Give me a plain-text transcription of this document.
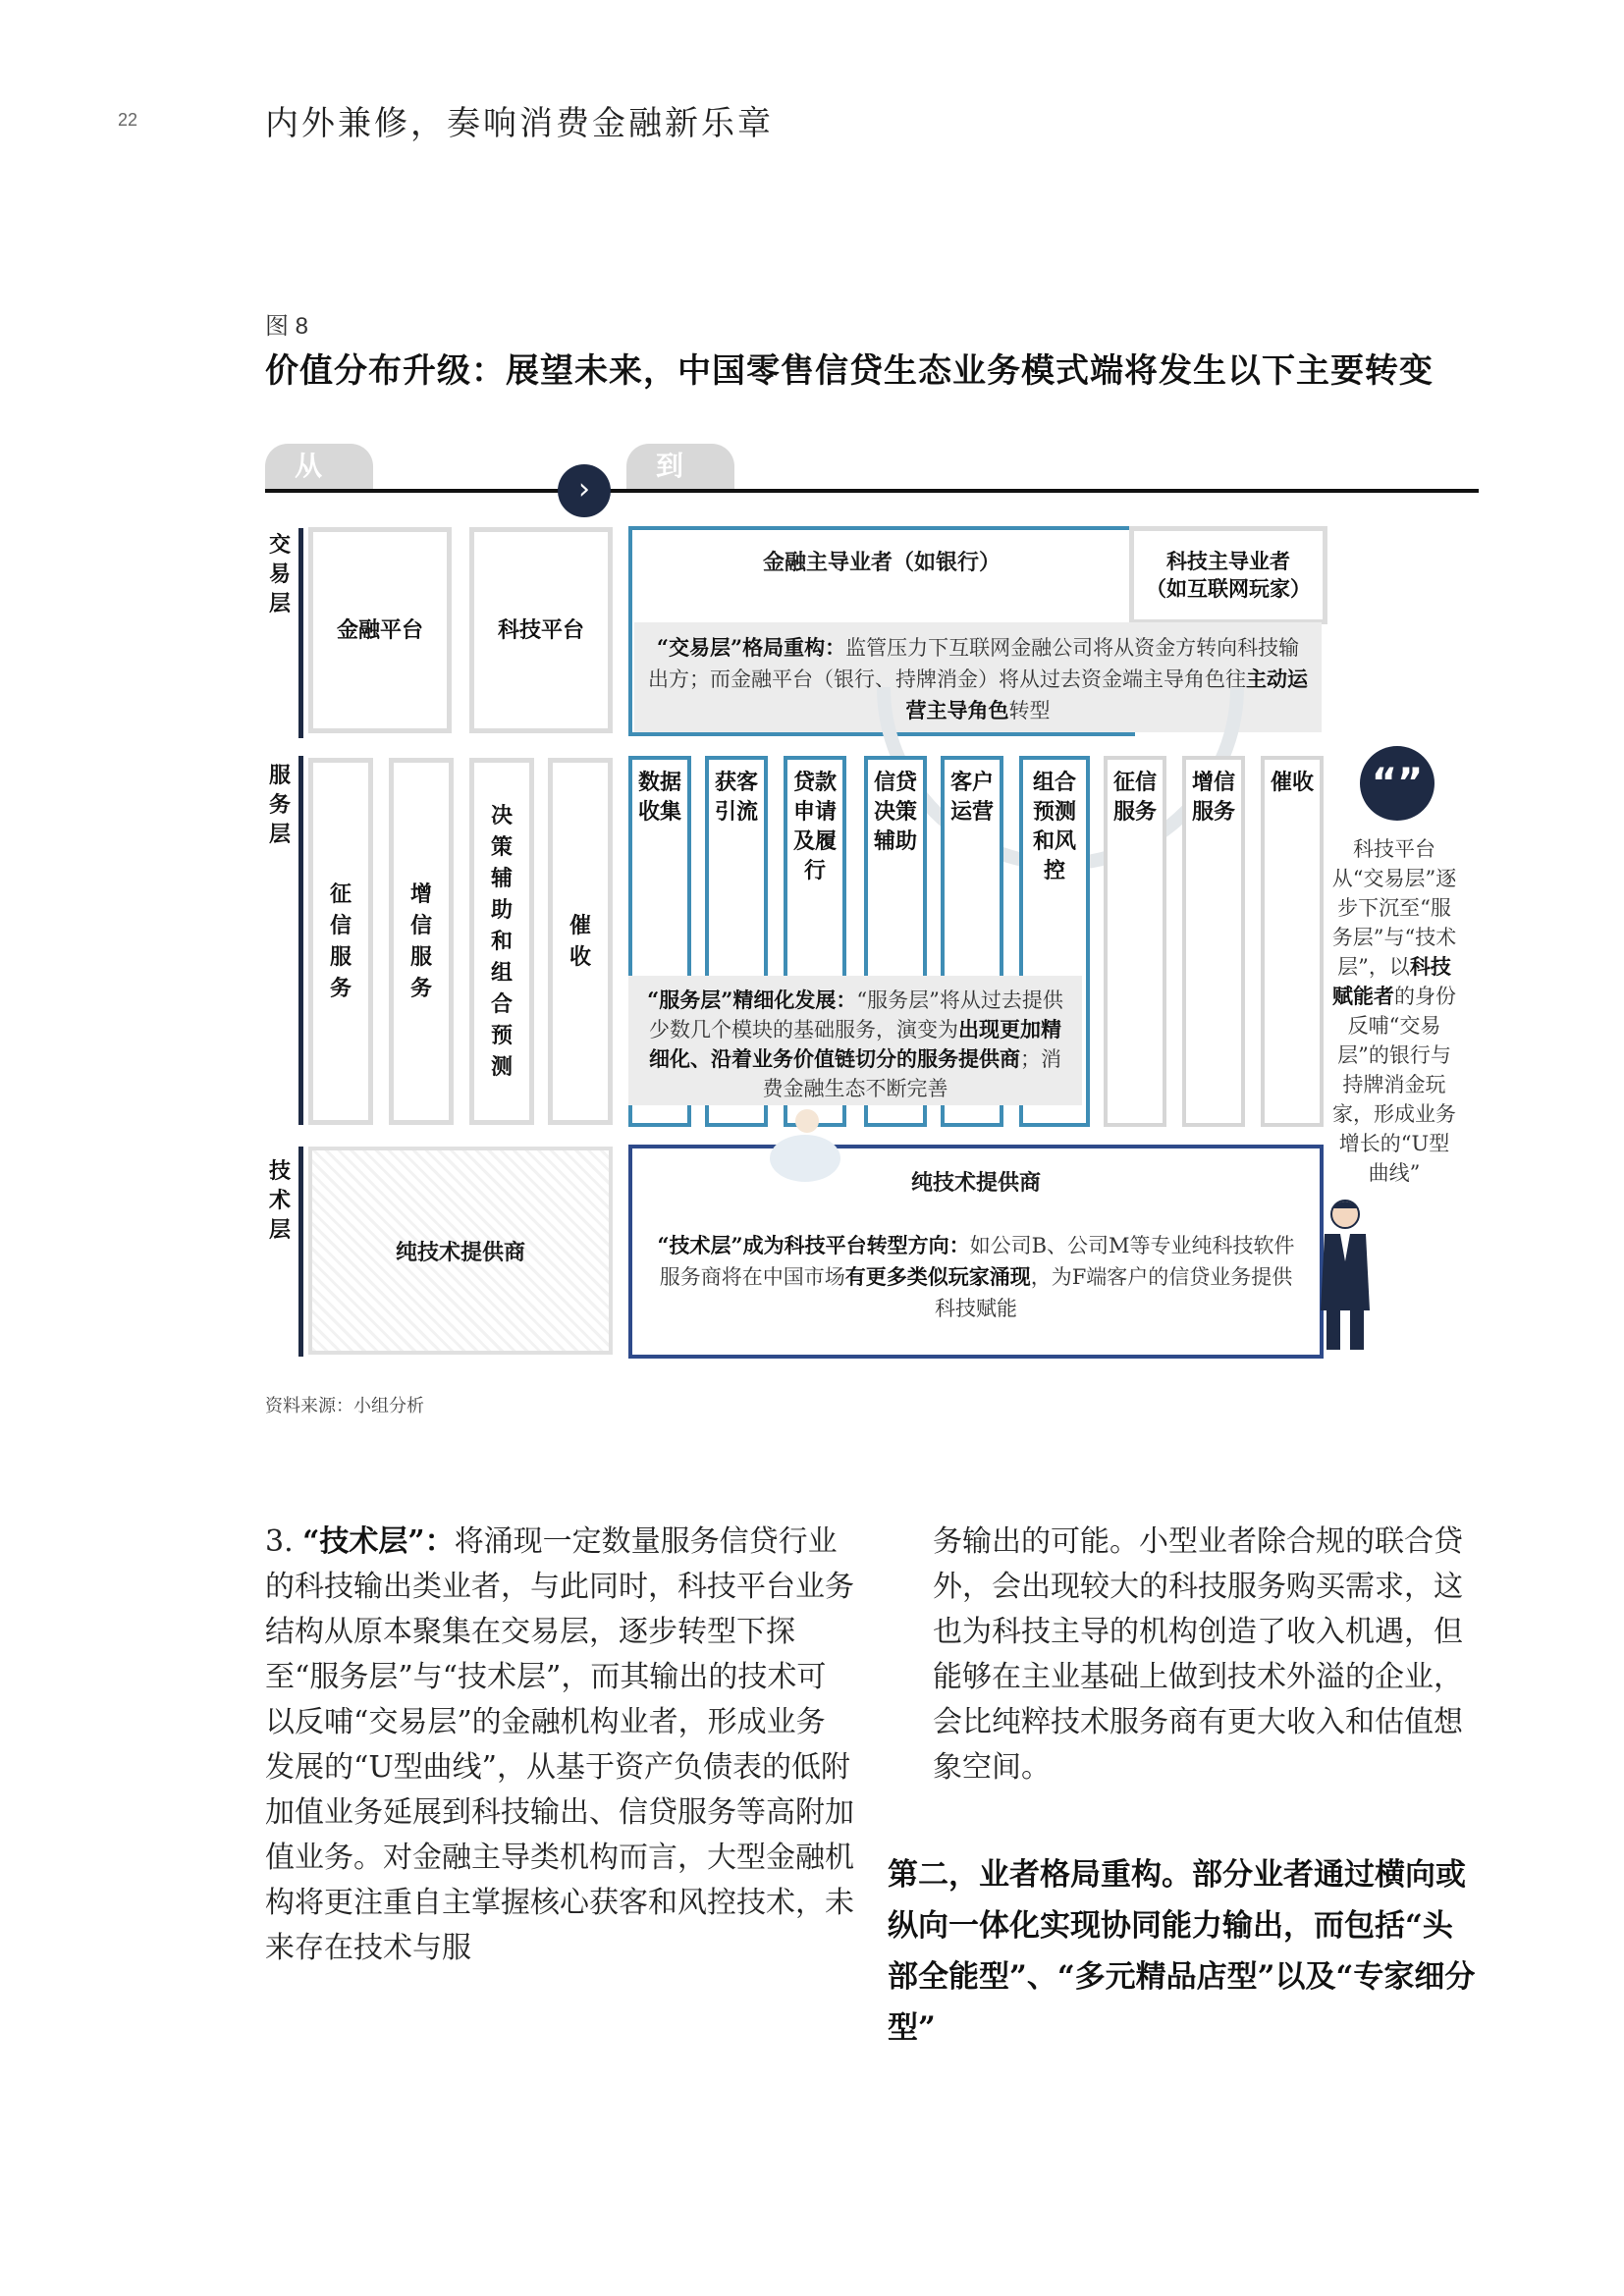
22	内外兼修，奏响消费金融新乐章
图 8
价值分布升级：展望未来，中国零售信贷生态业务模式端将发生以下主要转变
从	到
›
交易层
服务层
技术层
金融平台	科技平台
征信服务
增信服务
决策辅助和组合预测
催收
纯技术提供商
金融主导业者（如银行）	科技主导业者
（如互联网玩家）
“交易层”格局重构：监管压力下互联网金融公司将从资金方转向科技输出方；而金融平台（银行、持牌消金）将从过去资金端主导角色往主动运营主导角色转型
数据收集
获客引流
贷款申请及履行
信贷决策辅助
客户运营
组合预测和风控
征信服务
增信服务
催收
“服务层”精细化发展：“服务层”将从过去提供少数几个模块的基础服务，演变为出现更加精细化、沿着业务价值链切分的服务提供商；消费金融生态不断完善
纯技术提供商
“技术层”成为科技平台转型方向：如公司B、公司M等专业纯科技软件服务商将在中国市场有更多类似玩家涌现，为F端客户的信贷业务提供科技赋能
“”
科技平台从“交易层”逐步下沉至“服务层”与“技术层”，以科技赋能者的身份反哺“交易层”的银行与持牌消金玩家，形成业务增长的“U型曲线”
资料来源：小组分析
3. “技术层”：将涌现一定数量服务信贷行业的科技输出类业者，与此同时，科技平台业务结构从原本聚集在交易层，逐步转型下探至“服务层”与“技术层”，而其输出的技术可以反哺“交易层”的金融机构业者，形成业务发展的“U型曲线”，从基于资产负债表的低附加值业务延展到科技输出、信贷服务等高附加值业务。对金融主导类机构而言，大型金融机构将更注重自主掌握核心获客和风控技术，未来存在技术与服
务输出的可能。小型业者除合规的联合贷外，会出现较大的科技服务购买需求，这也为科技主导的机构创造了收入机遇，但能够在主业基础上做到技术外溢的企业，会比纯粹技术服务商有更大收入和估值想象空间。
第二，业者格局重构。部分业者通过横向或纵向一体化实现协同能力输出，而包括“头部全能型”、“多元精品店型”以及“专家细分型”
